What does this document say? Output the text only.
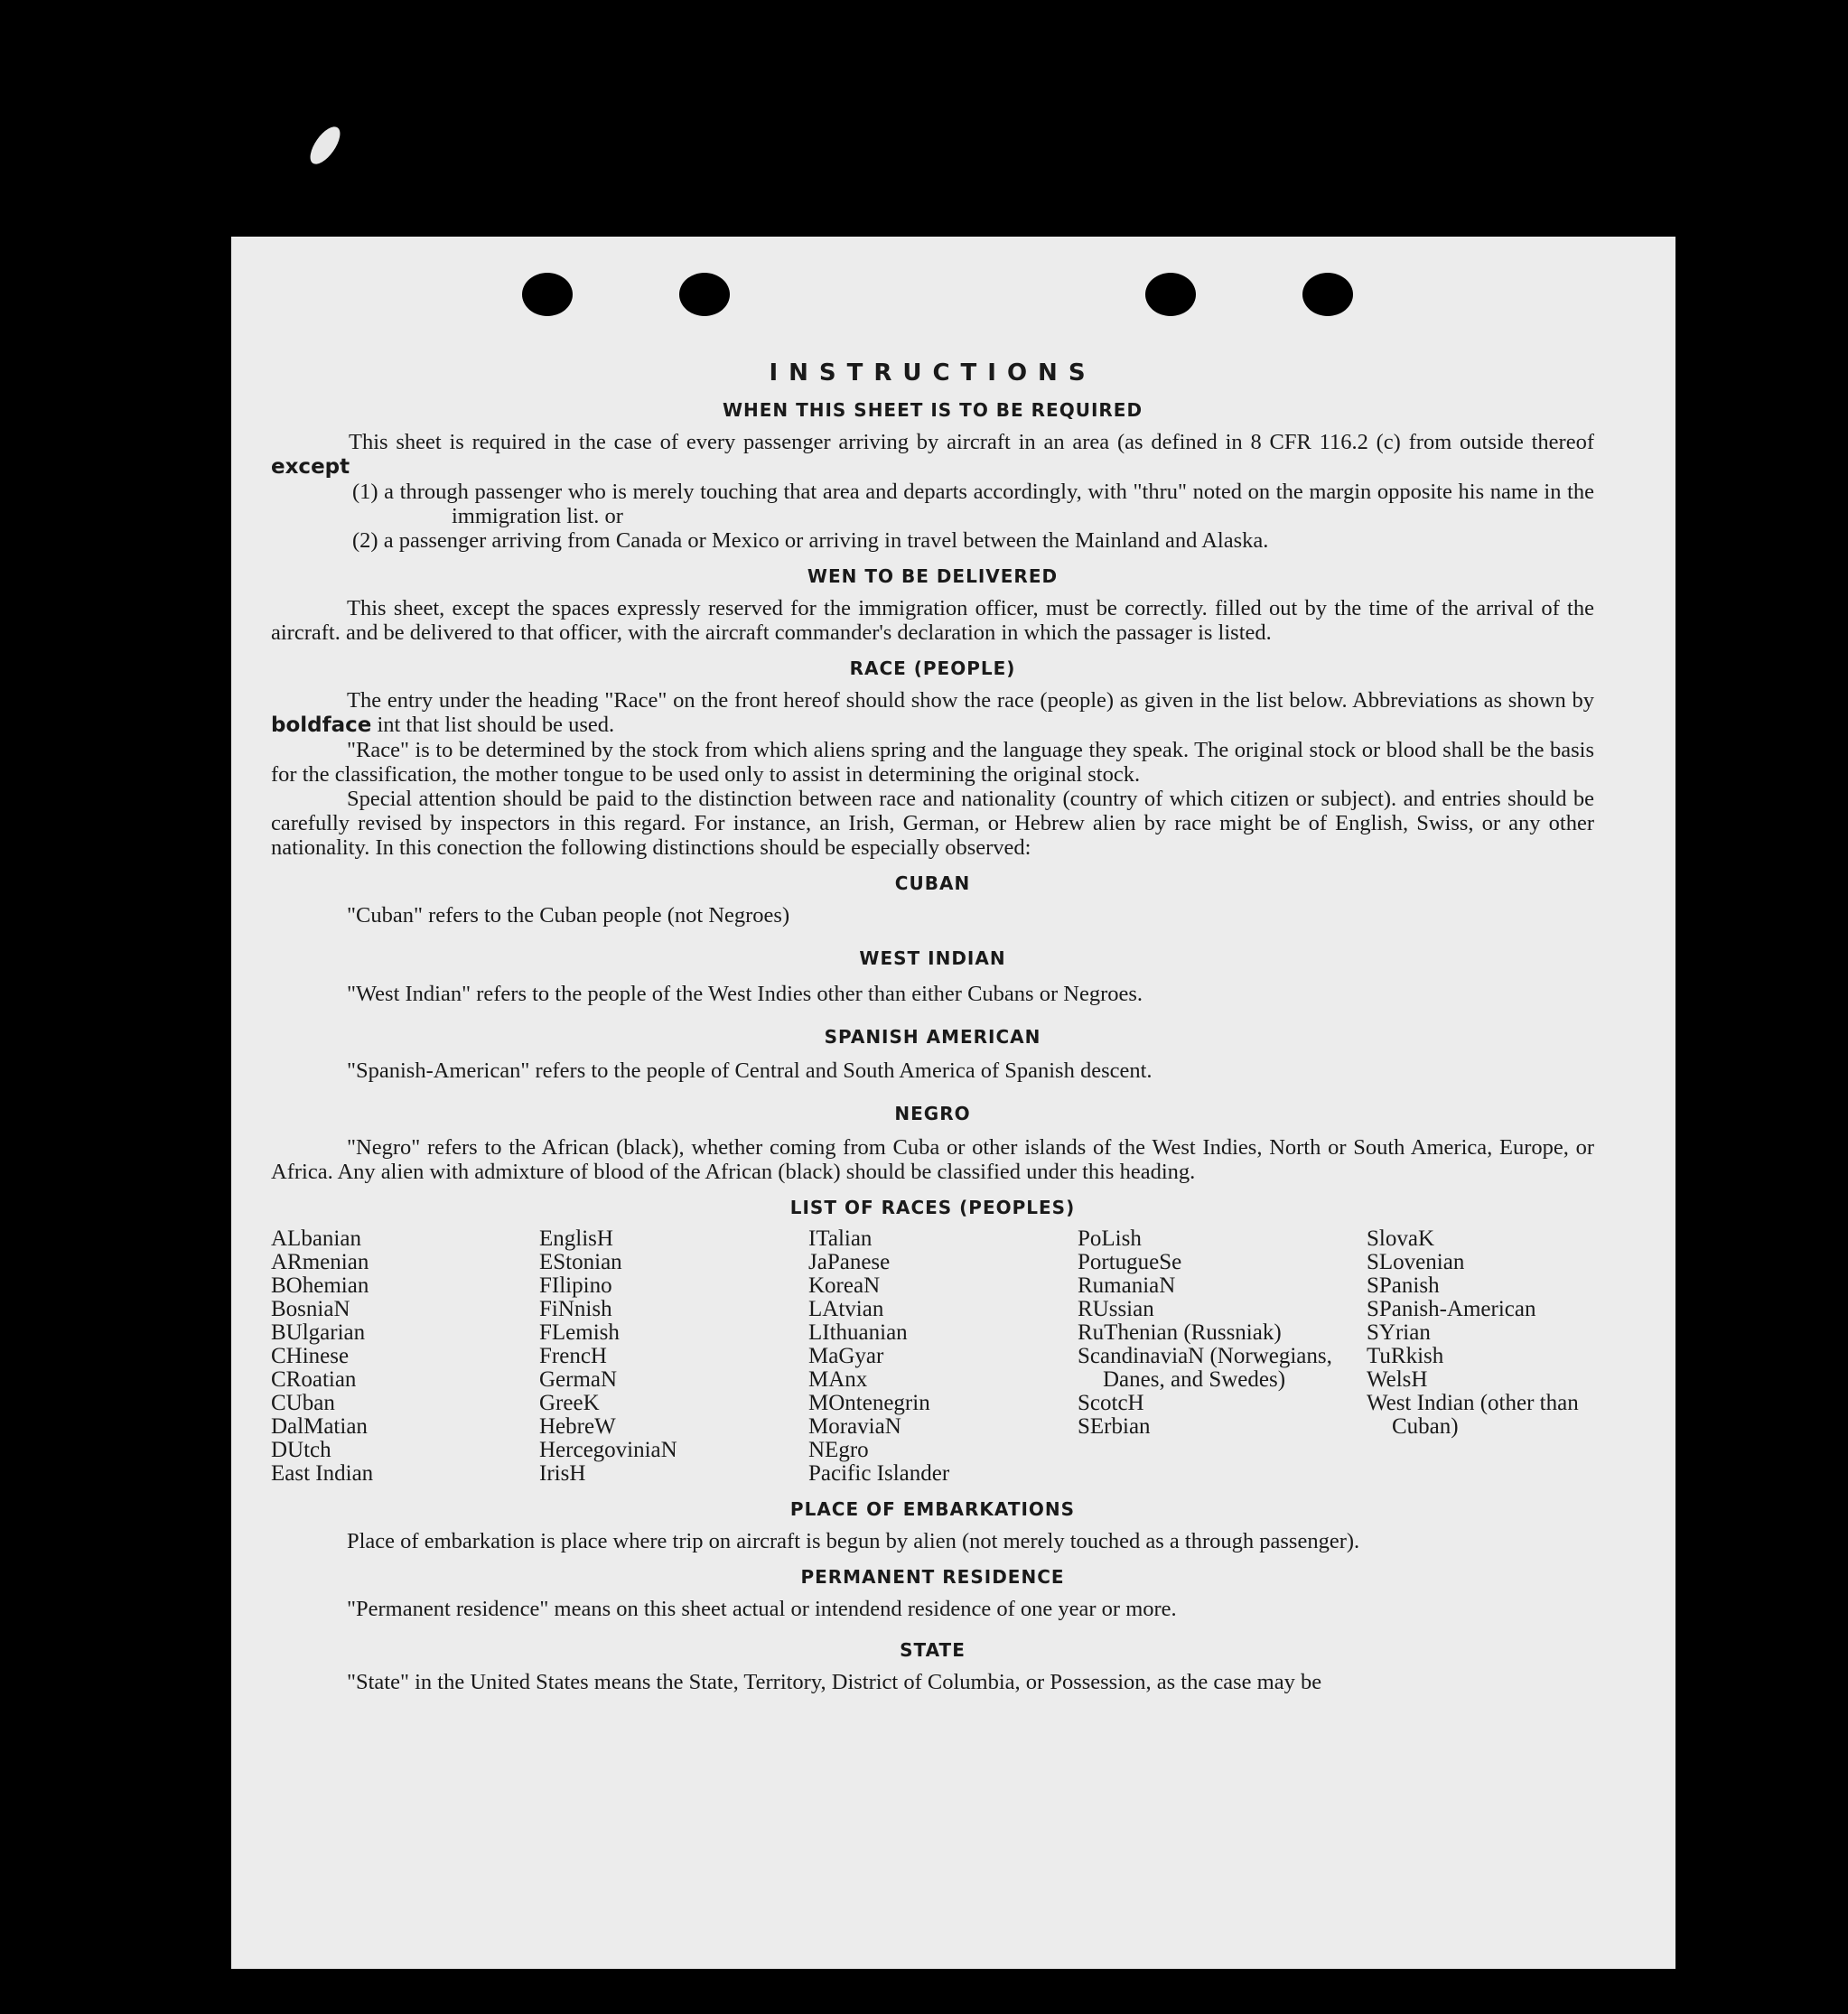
INSTRUCTIONS
WHEN THIS SHEET IS TO BE REQUIRED

This sheet is required in the case of every passenger arriving by aircraft in an area (as defined in 8 CFR 116.2 (c) from outside thereof except

(1) a through passenger who is merely touching that area and departs accordingly, with "thru" noted on the margin opposite his name in the immigration list. or

(2) a passenger arriving from Canada or Mexico or arriving in travel between the Mainland and Alaska.

WEN TO BE DELIVERED

This sheet, except the spaces expressly reserved for the immigration officer, must be correctly. filled out by the time of the arrival of the aircraft. and be delivered to that officer, with the aircraft commander's declaration in which the passager is listed.

RACE (PEOPLE)

The entry under the heading "Race" on the front hereof should show the race (people) as given in the list below. Abbreviations as shown by boldface int that list should be used.

"Race" is to be determined by the stock from which aliens spring and the language they speak. The original stock or blood shall be the basis for the classification, the mother tongue to be used only to assist in determining the original stock.

Special attention should be paid to the distinction between race and nationality (country of which citizen or subject). and entries should be carefully revised by inspectors in this regard. For instance, an Irish, German, or Hebrew alien by race might be of English, Swiss, or any other nationality. In this conection the following distinctions should be especially observed:

CUBAN

"Cuban" refers to the Cuban people (not Negroes)

WEST INDIAN

"West Indian" refers to the people of the West Indies other than either Cubans or Negroes.

SPANISH AMERICAN

"Spanish-American" refers to the people of Central and South America of Spanish descent.

NEGRO

"Negro" refers to the African (black), whether coming from Cuba or other islands of the West Indies, North or South America, Europe, or Africa. Any alien with admixture of blood of the African (black) should be classified under this heading.

LIST OF RACES (PEOPLES)
ALbanian
ARmenian
BOhemian
BosniaN
BUlgarian
CHinese
CRoatian
CUban
DalMatian
DUtch
East Indian
EnglisH
EStonian
FIlipino
FiNnish
FLemish
FrencH
GermaN
GreeK
HebreW
HercegoviniaN
IrisH
ITalian
JaPanese
KoreaN
LAtvian
LIthuanian
MaGyar
MAnx
MOntenegrin
MoraviaN
NEgro
Pacific Islander
PoLish
PortugueSe
RumaniaN
RUssian
RuThenian (Russniak)
ScandinaviaN (Norwegians, Danes, and Swedes)
ScotcH
SErbian
SlovaK
SLovenian
SPanish
SPanish-American
SYrian
TuRkish
WelsH
West Indian (other than Cuban)
PLACE OF EMBARKATIONS

Place of embarkation is place where trip on aircraft is begun by alien (not merely touched as a through passenger).

PERMANENT RESIDENCE

"Permanent residence" means on this sheet actual or intendend residence of one year or more.

STATE

"State" in the United States means the State, Territory, District of Columbia, or Possession, as the case may be
